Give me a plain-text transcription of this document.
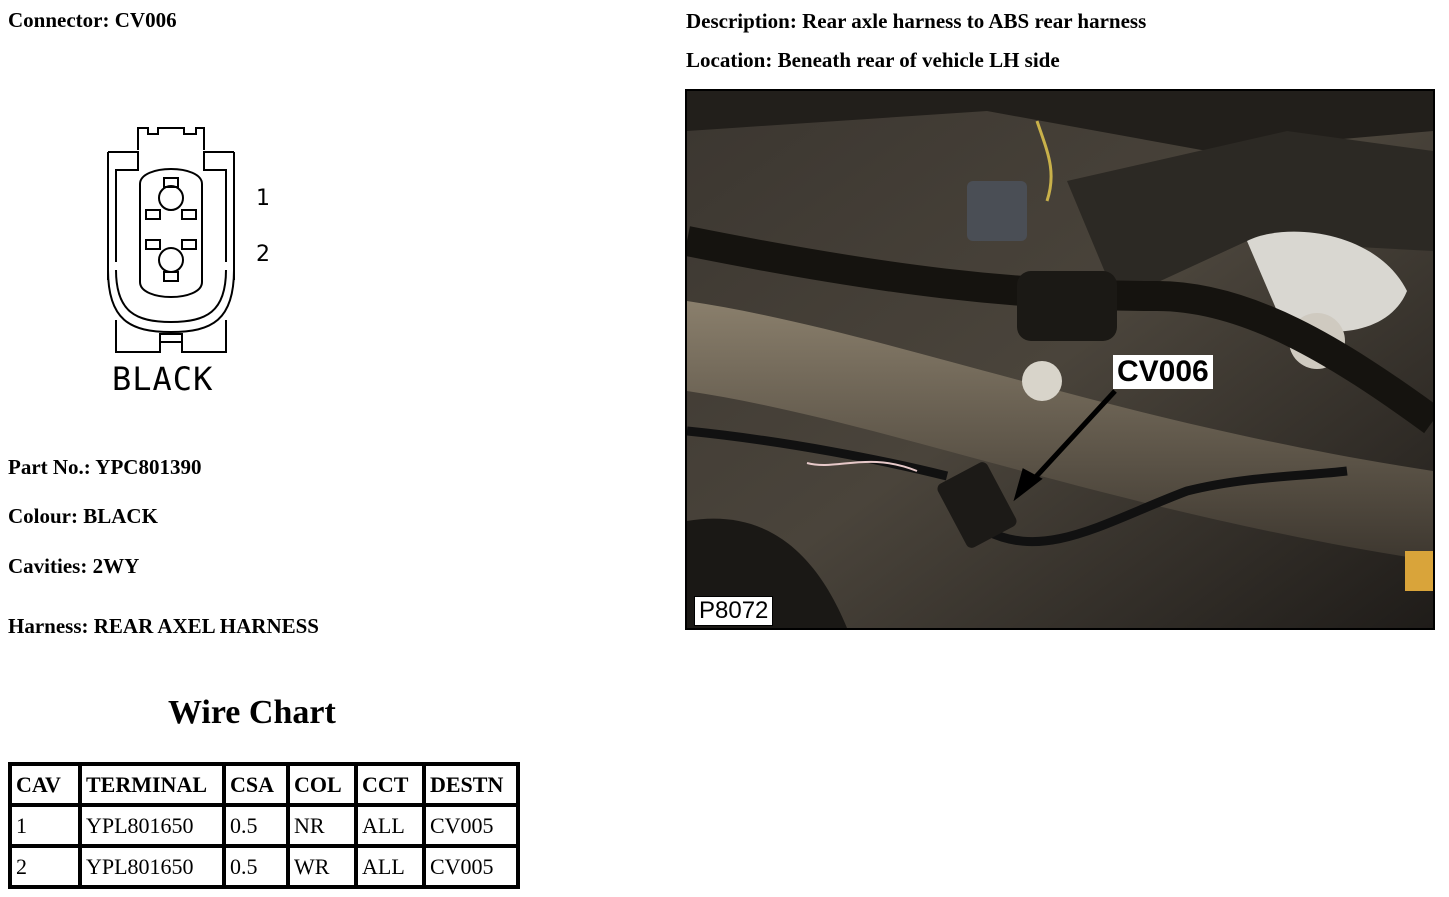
Connector: CV006	Description: Rear axle harness to ABS rear harness
Location: Beneath rear of vehicle LH side
1
2
BLACK
Part No.: YPC801390
Colour: BLACK
Cavities: 2WY
Harness: REAR AXEL HARNESS
Wire Chart
CAV	TERMINAL	CSA	COL	CCT	DESTN
1	YPL801650	0.5	NR	ALL	CV005
2	YPL801650	0.5	WR	ALL	CV005
CV006
P8072
